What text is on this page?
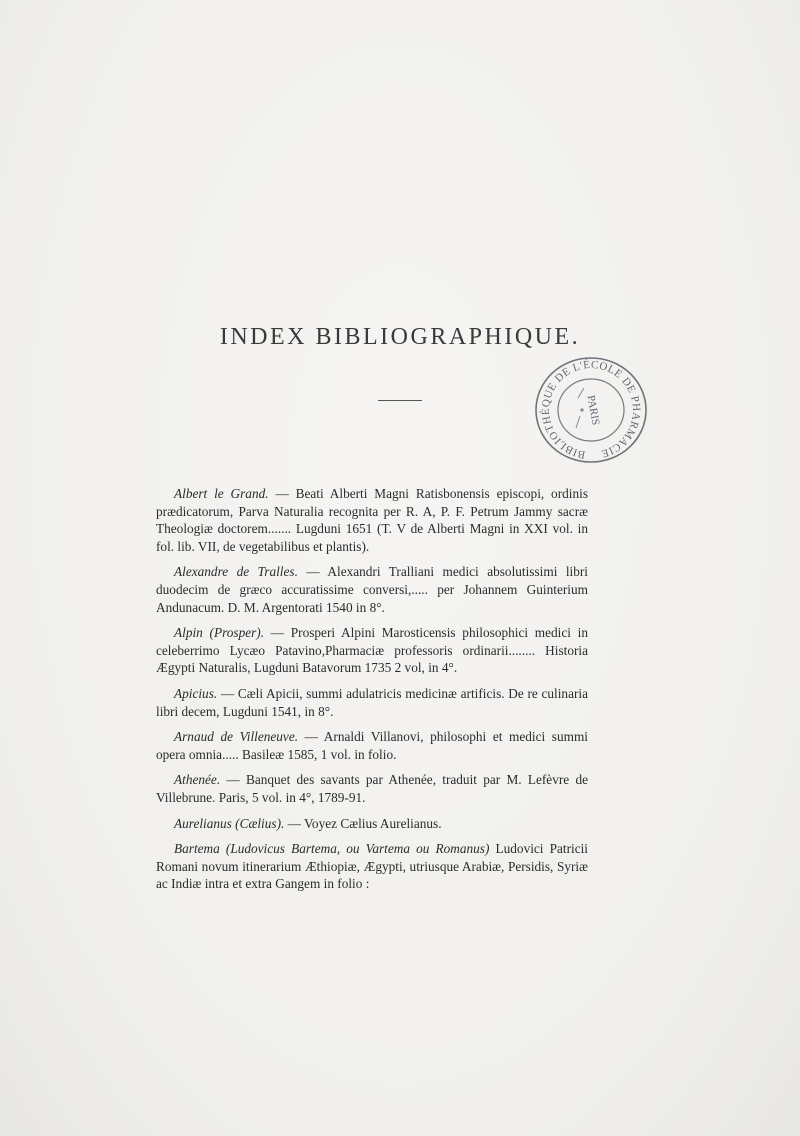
INDEX BIBLIOGRAPHIQUE.
BIBLIOTHÈQUE DE L'ÉCOLE DE PHARMACIE
PARIS

Albert le Grand. — Beati Alberti Magni Ratisbonensis episcopi, ordinis prædicatorum, Parva Naturalia recognita per R. A, P. F. Petrum Jammy sacræ Theologiæ doctorem....... Lugduni 1651 (T. V de Alberti Magni in XXI vol. in fol. lib. VII, de vegetabilibus et plantis).

Alexandre de Tralles. — Alexandri Tralliani medici absolutissimi libri duodecim de græco accuratissime conversi,..... per Johannem Guinterium Andunacum. D. M. Argentorati 1540 in 8°.

Alpin (Prosper). — Prosperi Alpini Marosticensis philosophici medici in celeberrimo Lycæo Patavino,Pharmaciæ professoris ordinarii........ Historia Ægypti Naturalis, Lugduni Batavorum 1735 2 vol, in 4°.

Apicius. — Cæli Apicii, summi adulatricis medicinæ artificis. De re culinaria libri decem, Lugduni 1541, in 8°.

Arnaud de Villeneuve. — Arnaldi Villanovi, philosophi et medici summi opera omnia..... Basileæ 1585, 1 vol. in folio.

Athenée. — Banquet des savants par Athenée, traduit par M. Lefèvre de Villebrune. Paris, 5 vol. in 4°, 1789-91.

Aurelianus (Cælius). — Voyez Cælius Aurelianus.

Bartema (Ludovicus Bartema, ou Vartema ou Romanus) Ludovici Patricii Romani novum itinerarium Æthiopiæ, Ægypti, utriusque Arabiæ, Persidis, Syriæ ac Indiæ intra et extra Gangem in folio :
